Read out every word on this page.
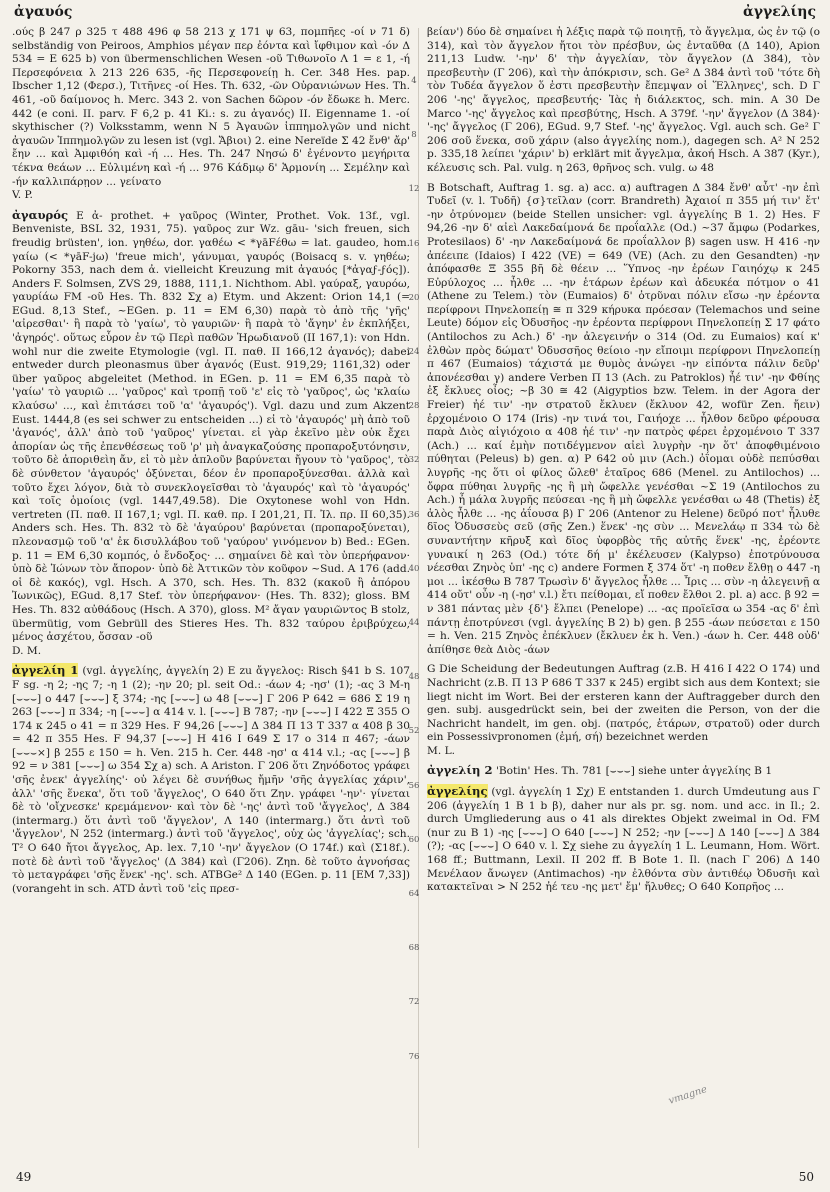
ἀγαυός	ἀγγελίης

.ούς β 247 ρ 325 τ 488 496 φ 58 213 χ 171 ψ 63, πομπῆες -οί ν 71 δ) selbständig von Peiroos, Amphios μέγαν περ ἐόντα καὶ ἴφθιμον καὶ -όν Δ 534 = E 625 b) von übermenschlichen Wesen -οῦ Τιθωνοῖο Λ 1 = ε 1, -ή Περσεφόνεια λ 213 226 635, -ῆς Περσεφονείῃ h. Cer. 348 Hes. pap. Ibscher 1,12 (Φερσ.), Τιτῆνες -οί Hes. Th. 632, -ῶν Οὐρανιώνων Hes. Th. 461, -οῦ δαίμονος h. Merc. 343 2. von Sachen δῶρον -όν ἔδωκε h. Merc. 442 (e coni. II. parv. F 6,2 p. 41 Ki.: s. zu ἀγανός) II. Eigenname 1. -οί skythischer (?) Volksstamm, wenn N 5 Ἀγαυῶν ἱππημολγῶν und nicht ἀγαυῶν Ἱππημολγῶν zu lesen ist (vgl. Ἄβιοι) 2. eine Nereïde Σ 42 ἔνθ' ἄρ' ἔην ... καὶ Ἀμφιθόη καὶ -ή ... Hes. Th. 247 Νησώ δ' ἐγένοντο μεγήριτα τέκνα θεάων ... Εὐλιμένη καὶ -ή ... 976 Κάδμῳ δ' Ἁρμονίη ... Σεμέλην καὶ -ήν καλλιπάρῃον ... γείνατο

V. P.

ἀγαυρός E ἀ- prothet. + γαῦρος (Winter, Prothet. Vok. 13f., vgl. Benveniste, BSL 32, 1931, 75). γαῦρος zur Wz. gāu- 'sich freuen, sich freudig brüsten', ion. γηθέω, dor. γαθέω < *γāFέθω = lat. gaudeo, hom. γαίω (< *γāF-jω) 'freue mich', γάνυμαι, γαυρός (Boisacq s. v. γηθέω; Pokorny 353, nach dem ἀ. vielleicht Kreuzung mit ἀγαυός [*ἀγαϝ-ϝός]). Anders F. Solmsen, ZVS 29, 1888, 111,1. Nichthom. Abl. γαύραξ, γαυρόω, γαυρίάω FM -οῦ Hes. Th. 832 Σχ a) Etym. und Akzent: Orion 14,1 (= EGud. 8,13 Stef., ~EGen. p. 11 = EM 6,30) παρὰ τὸ ἀπὸ τῆς 'γῆς' 'αἰρεσθαι'· ἢ παρὰ τὸ 'γαίω', τὸ γαυριῶν· ἢ παρὰ τὸ 'ἄγην' ἐν ἐκπλήξει, 'ἀγηρός'. οὕτως εὗρον ἐν τῷ Περὶ παθῶν Ἡρωδιανοῦ (II 167,1): von Hdn. wohl nur die zweite Etymologie (vgl. Π. παθ. II 166,12 ἀγανός); dabei entweder durch pleonasmus über ἀγανός (Eust. 919,29; 1161,32) oder über γαῦρος abgeleitet (Method. in EGen. p. 11 = EM 6,35 παρὰ τὸ 'γαίω' τὸ γαυριῶ ... 'γαῦρος' καὶ τροπῇ τοῦ 'ε' εἰς τὸ 'γαῦρος', ὡς 'κλαίω κλαύσω' ..., καὶ ἐπιτάσει τοῦ 'α' 'ἀγαυρός'). Vgl. dazu und zum Akzent Eust. 1444,8 (es sei schwer zu entscheiden ...) εἰ τὸ 'ἀγαυρός' μὴ ἀπὸ τοῦ 'ἀγανός', ἀλλ' ἀπὸ τοῦ 'γαῦρος' γίνεται. εἰ γὰρ ἐκεῖνο μὲν οὐκ ἔχει ἀπορίαν ὡς τῆς ἐπενθέσεως τοῦ 'ρ' μὴ ἀναγκαζούσης προπαροξυτόνησιν, τοῦτο δὲ ἀποριθεὶη ἄν, εἰ τὸ μὲν ἁπλοῦν βαρύνεται ἤγουν τὸ 'γαῦρος', τὸ δὲ σύνθετον 'ἀγαυρός' ὀξύνεται, δέον ἐν προπαροξύνεσθαι. ἀλλὰ καὶ τοῦτο ἔχει λόγον, διὰ τὸ συνεκλογεῖσθαι τὸ 'ἀγαυρός' καὶ τὸ 'ἀγαυρός' καὶ τοῖς ὁμοίοις (vgl. 1447,49.58). Die Oxytonese wohl von Hdn. vertreten (Π. παθ. II 167,1; vgl. Π. καθ. πρ. I 201,21, Π. Ἰλ. πρ. II 60,35). Anders sch. Hes. Th. 832 τὸ δὲ 'ἀγαύρου' βαρύνεται (προπαροξύνεται), πλεονασμῷ τοῦ 'α' ἐκ δισυλλάβου τοῦ 'γαύρου' γινόμενον b) Bed.: EGen. p. 11 = EM 6,30 κομπός, ὁ ἔνδοξος· ... σημαίνει δὲ καὶ τὸν ὑπερήφανον· ὑπὸ δὲ Ἰώνων τὸν ἄπορον· ὑπὸ δὲ Ἀττικῶν τὸν κοῦφον ~Sud. A 176 (add. οἱ δὲ κακός), vgl. Hsch. A 370, sch. Hes. Th. 832 (κακοῦ ἢ ἀπόρου Ἰωνικῶς), EGud. 8,17 Stef. τὸν ὑπερήφανον· (Hes. Th. 832); gloss. BM Hes. Th. 832 αὐθάδους (Hsch. A 370), gloss. M² ἄγαν γαυριῶντος B stolz, übermütig, vom Gebrüll des Stieres Hes. Th. 832 ταύρου ἐριβρύχεω, μένος ἀσχέτου, ὄσσαν -οῦ

D. M.

ἀγγελίη 1 (vgl. ἀγγελίης, ἀγγελίη 2) E zu ἄγγελος: Risch §41 b S. 107 F sg. -η 2; -ης 7; -η 1 (2); -ην 20; pl. seit Od.: -άων 4; -ησ' (1); -ας 3 M-η [⌣⌣⌣] ο 447 [⌣⌣⌣] ξ 374; -ης [⌣⌣⌣] ω 48 [⌣⌣⌣] Γ 206 P 642 = 686 Σ 19 η 263 [⌣⌣⌣] π 334; -η [⌣⌣⌣] α 414 v. l. [⌣⌣⌣] B 787; -ην [⌣⌣⌣] I 422 Ξ 355 Ο 174 κ 245 ο 41 = π 329 Hes. F 94,26 [⌣⌣⌣] Δ 384 Π 13 Τ 337 α 408 β 30 = 42 π 355 Hes. F 94,37 [⌣⌣⌣] H 416 I 649 Σ 17 ο 314 π 467; -άων [⌣⌣⌣×] β 255 ε 150 = h. Ven. 215 h. Cer. 448 -ησ' α 414 v.l.; -ας [⌣⌣⌣] β 92 = ν 381 [⌣⌣⌣] ω 354 Σχ a) sch. A Ariston. Γ 206 ὅτι Ζηνόδοτος γράφει 'σῆς ἐνεκ' ἀγγελίης'· οὐ λέγει δὲ συνήθως ἤμῆν 'σῆς ἀγγελίας χάριν', ἀλλ' 'σῆς ἕνεκα', ὅτι τοῦ 'ἄγγελος', Ο 640 ὅτι Ζην. γράφει '-ην'· γίνεται δὲ τὸ 'οἴχνεσκε' κρεμάμενον· καὶ τὸν δὲ '-ης' ἀντὶ τοῦ 'ἄγγελος', Δ 384 (intermarg.) ὅτι ἀντὶ τοῦ 'ἄγγελον', Λ 140 (intermarg.) ὅτι ἀντὶ τοῦ 'ἄγγελον', N 252 (intermarg.) ἀντὶ τοῦ 'ἄγγελος', οὐχ ὡς 'ἀγγελίας'; sch. T² Ο 640 ἤτοι ἄγγελος, Ap. lex. 7,10 '-ην' ἄγγελον (Ο 174f.) καὶ (Σ18f.). ποτὲ δὲ ἀντὶ τοῦ 'ἄγγελος' (Δ 384) καὶ (Γ206). Zηn. δὲ τοῦτο ἀγνοήσας τὸ μεταγράφει 'σῆς ἕνεκ' -ης'. sch. ATBGe² Δ 140 (EGen. p. 11 [EM 7,33]) (vorangeht in sch. ATD ἀντὶ τοῦ 'εἰς πρεσ-

βείαν') δύο δὲ σημαίνει ἡ λέξις παρὰ τῷ ποιητῇ, τὸ ἄγγελμα, ὡς ἐν τῷ (ο 314), καὶ τὸν ἄγγελον ἤτοι τὸν πρέσβυν, ὡς ἐνταῦθα (Δ 140), Apion 211,13 Ludw. '-ην' δ' τὴν ἀγγελίαν, τὸν ἄγγελον (Δ 384), τὸν πρεσβευτὴν (Γ 206), καὶ τὴν ἀπόκρισιν, sch. Ge² Δ 384 ἀντὶ τοῦ 'τότε δὴ τὸν Τυδέα ἄγγελον ὅ ἐστι πρεσβευτὴν ἔπεμψαν οἱ Ἕλληνες', sch. D Γ 206 '-ης' ἄγγελος, πρεσβευτής· Ἰὰς ἡ διάλεκτος, sch. min. Α 30 De Marco '-ης' ἄγγελος καὶ πρεσβύτης, Hsch. A 379f. '-ην' ἄγγελον (Δ 384)· '-ης' ἄγγελος (Γ 206), EGud. 9,7 Stef. '-ης' ἄγγελος. Vgl. auch sch. Ge² Γ 206 σοῦ ἕνεκα, σοῦ χάριν (also ἀγγελίης nom.), dagegen sch. A² N 252 p. 335,18 λείπει 'χάριν' b) erklärt mit ἄγγελμα, ἀκοή Hsch. A 387 (Kyr.), κέλευσις sch. Pal. vulg. η 263, θρῆνος sch. vulg. ω 48

B Botschaft, Auftrag 1. sg. a) acc. α) auftragen Δ 384 ἔνθ' αὖτ' -ην ἐπὶ Τυδεῖ (v. l. Τυδῆ) {σ}τεῖλαν (corr. Brandreth) Ἀχαιοί π 355 μή τιν' ἔτ' -ην ὀτρύνομεν (beide Stellen unsicher: vgl. ἀγγελίης B 1. 2) Hes. F 94,26 -ην δ' αἰεὶ Λακεδαίμονά δε προΐαλλε (Od.) ~37 ἄμφω (Podarkes, Protesilaos) δ' -ην Λακεδαίμονά δε προΐαλλον β) sagen usw. H 416 -ην ἀπέειπε (Idaios) I 422 (VE) = 649 (VE) (Ach. zu den Gesandten) -ην ἀπόφασθε Ξ 355 βῆ δὲ θέειν ... Ὕπνος -ην ἐρέων Γαιηόχῳ κ 245 Εὐρύλοχος ... ἦλθε ... -ην ἑτάρων ἐρέων καὶ ἀδευκέα πότμον ο 41 (Athene zu Telem.) τὸν (Eumaios) δ' ὀτρῦναι πόλιν εἴσω -ην ἐρέοντα περίφρονι Πηνελοπείῃ ≅ π 329 κήρυκα πρόεσαν (Telemachos und seine Leute) δόμον εἰς Ὀδυσῆος -ην ἐρέοντα περίφρονι Πηνελοπείῃ Σ 17 φάτο (Antilochos zu Ach.) δ' -ην ἀλεγεινήν ο 314 (Od. zu Eumaios) καί κ' ἐλθὼν πρὸς δώματ' Ὀδυσσῆος θείοιο -ην εἴποιμι περίφρονι Πηνελοπείῃ π 467 (Eumaios) τάχιστά με θυμὸς ἀνώγει -ην εἰπόντα πάλιν δεῦρ' ἀπονέεσθαι γ) andere Verben Π 13 (Ach. zu Patroklos) ἦέ τιν' -ην Φθίης ἐξ ἔκλυες οἶος; ~β 30 ≅ 42 (Aigyptios bzw. Telem. in der Agora der Freier) ἠέ τιν' -ην στρατοῦ ἔκλυεν (ἔκλυον 42, wofür Zen. ἤειν) ἐρχομένοιο Ο 174 (Iris) -ην τινά τοι, Γαιήοχε ... ἦλθον δεῦρο φέρουσα παρὰ Διὸς αἰγιόχοιο α 408 ἠέ τιν' -ην πατρὸς φέρει ἐρχομένοιο Τ 337 (Ach.) ... καί ἐμὴν ποτιδέγμενον αἰεὶ λυγρὴν -ην ὅτ' ἀποφθιμένοιο πύθηται (Peleus) b) gen. α) P 642 οὐ μιν (Ach.) ὀΐομαι οὐδὲ πεπύσθαι λυγρῆς -ης ὅτι οἱ φίλος ὤλεθ' ἑταῖρος 686 (Menel. zu Antilochos) ... ὄφρα πύθηαι λυγρῆς -ης ἣ μὴ ὤφελλε γενέσθαι ~Σ 19 (Antilochos zu Ach.) ἦ μάλα λυγρῆς πεύσεαι -ης ἣ μὴ ὤφελλε γενέσθαι ω 48 (Thetis) ἐξ ἁλὸς ἦλθε ... -ης ἀΐουσα β) Γ 206 (Antenor zu Helene) δεῦρό ποτ' ἦλυθε δῖος Ὀδυσσεὺς σεῦ (σῆς Zen.) ἕνεκ' -ης σὺν ... Μενελάῳ π 334 τὼ δὲ συναντήτην κῆρυξ καὶ δῖος ὑφορβὸς τῆς αὐτῆς ἕνεκ' -ης, ἐρέοντε γυναικί η 263 (Od.) τότε δή μ' ἐκέλευσεν (Kalypso) ἐποτρύνουσα νέεσθαι Ζηνὸς ὑπ' -ης c) andere Formen ξ 374 ὅτ' -η ποθεν ἔλθῃ ο 447 -η μοι ... ἱκέσθω B 787 Τρωσὶν δ' ἄγγελος ἦλθε ... Ἶρις ... σὺν -η ἀλεγεινῇ α 414 οὔτ' οὖν -η (-ησ' v.l.) ἔτι πείθομαι, εἴ ποθεν ἔλθοι 2. pl. a) acc. β 92 = ν 381 πάντας μὲν {δ'} ἔλπει (Penelope) ... -ας προϊεῖσα ω 354 -ας δ' ἐπὶ πάντῃ ἐποτρύνεσι (vgl. ἀγγελίης B 2) b) gen. β 255 -άων πεύσεται ε 150 = h. Ven. 215 Ζηνὸς ἐπέκλυεν (ἔκλυεν ἐκ h. Ven.) -άων h. Cer. 448 οὐδ' ἀπίθησε θεὰ Διὸς -άων

G Die Scheidung der Bedeutungen Auftrag (z.B. H 416 I 422 Ο 174) und Nachricht (z.B. Π 13 P 686 Τ 337 κ 245) ergibt sich aus dem Kontext; sie liegt nicht im Wort. Bei der ersteren kann der Auftraggeber durch den gen. subj. ausgedrückt sein, bei der zweiten die Person, von der die Nachricht handelt, im gen. obj. (πατρός, ἑτάρων, στρατοῦ) oder durch ein Possessivpronomen (ἐμή, σή) bezeichnet werden

M. L.

ἀγγελίη 2 'Botin' Hes. Th. 781 [⌣⌣⌣] siehe unter ἀγγελίης B 1

ἀγγελίης (vgl. ἀγγελίη 1 Σχ) E entstanden 1. durch Umdeutung aus Γ 206 (ἀγγελίη 1 B 1 b β), daher nur als pr. sg. nom. und acc. in Il.; 2. durch Umgliederung aus ο 41 als direktes Objekt zweimal in Od. FM (nur zu B 1) -ης [⌣⌣⌣] Ο 640 [⌣⌣⌣] N 252; -ην [⌣⌣⌣] Δ 140 [⌣⌣⌣] Δ 384 (?); -ας [⌣⌣⌣] Ο 640 v. l. Σχ siehe zu ἀγγελίη 1 L. Leumann, Hom. Wört. 168 ff.; Buttmann, Lexil. II 202 ff. B Bote 1. Il. (nach Γ 206) Δ 140 Μενέλαον ἄνωγεν (Antimachos) -ην ἐλθόντα σὺν ἀντιθέῳ Ὀδυσῆι καὶ κατακτεῖναι > N 252 ἠέ τευ -ης μετ' ἔμ' ἤλυθες; Ο 640 Κοπρῆος ...

4
8
12
16
20
24
28
32
36
40
44
48
52
56
60
64
68
72
76
vmagne
49	50
